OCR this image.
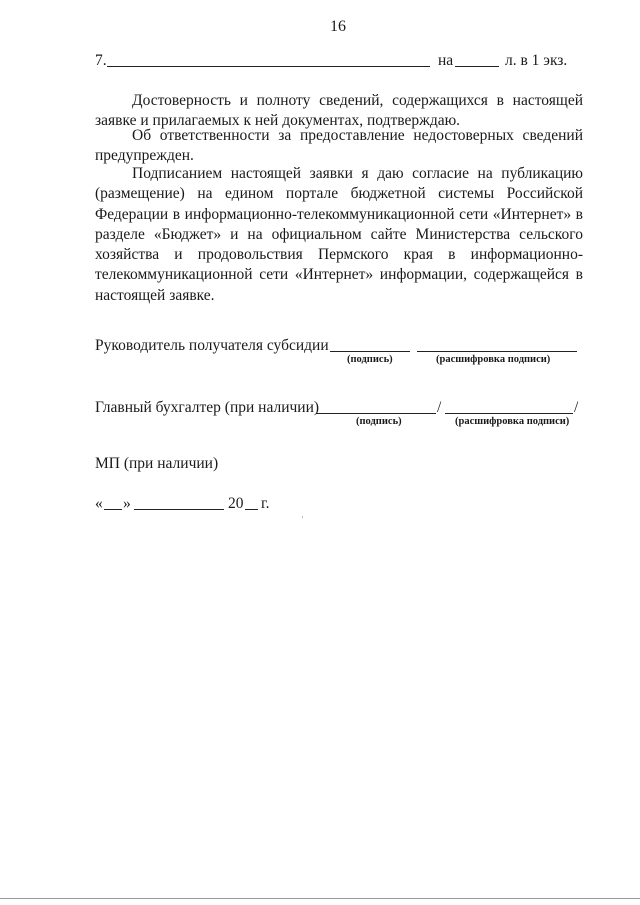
16
7.	на	л. в 1 экз.
Достоверность и полноту сведений, содержащихся в настоящей заявке и прилагаемых к ней документах, подтверждаю.
Об ответственности за предоставление недостоверных сведений предупрежден.
Подписанием настоящей заявки я даю согласие на публикацию (размещение) на едином портале бюджетной системы Российской Федерации в информационно-телекоммуникационной сети «Интернет» в разделе «Бюджет» и на официальном сайте Министерства сельского хозяйства и продовольствия Пермского края в информационно-телекоммуникационной сети «Интернет» информации, содержащейся в настоящей заявке.
Руководитель получателя субсидии
(подпись)	(расшифровка подписи)
Главный бухгалтер (при наличии)	/	/
(подпись)	(расшифровка подписи)
МП (при наличии)
« »	20 г.
